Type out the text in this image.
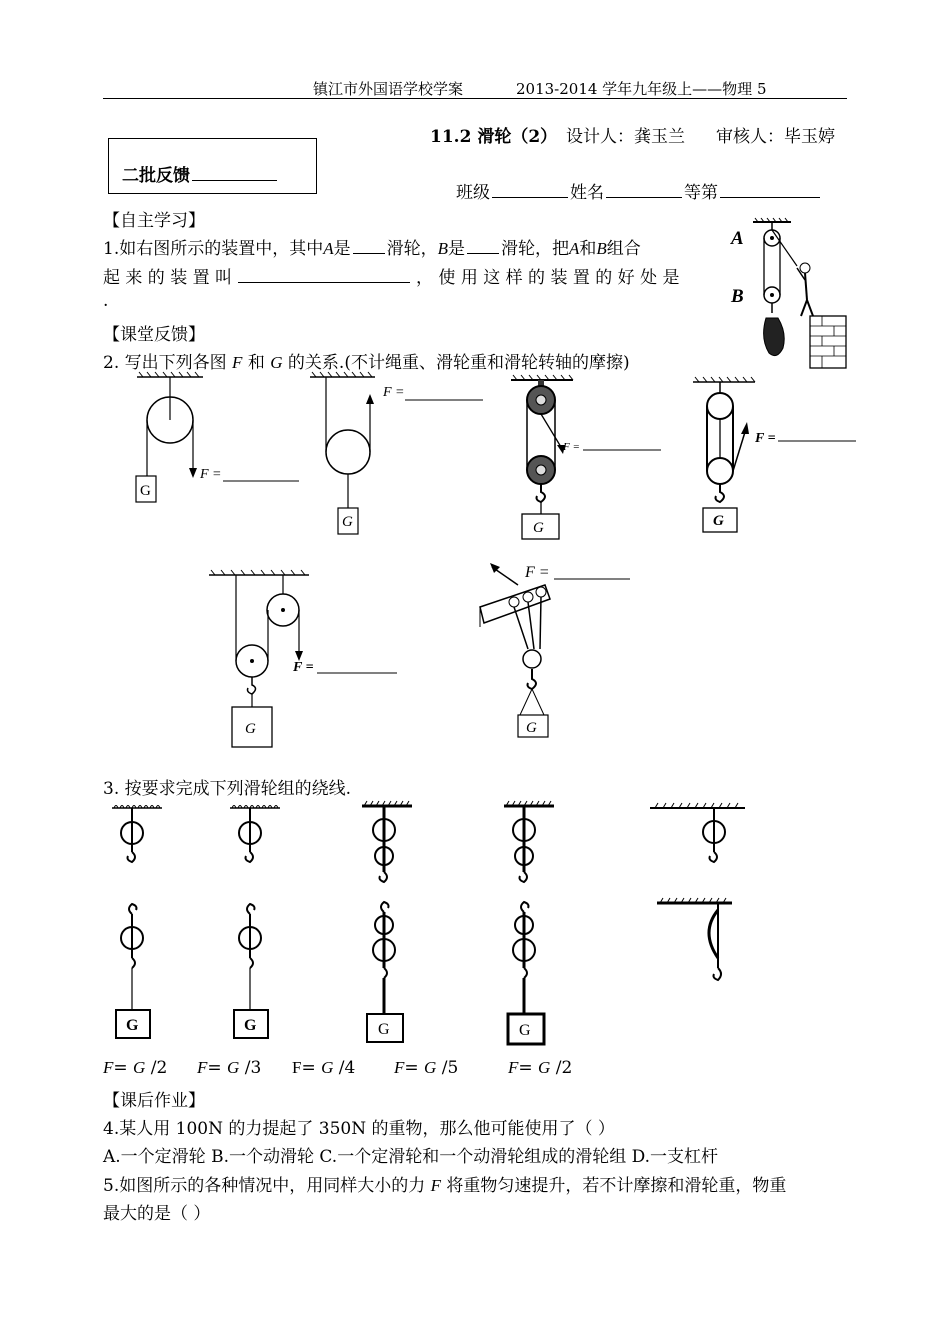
镇江市外国语学校学案	2013-2014 学年九年级上——物理 5
11.2 滑轮（2） 设计人：龚玉兰 审核人：毕玉婷
二批反馈
班级	姓名	等第
【自主学习】
1.如右图所示的装置中，其中A是 滑轮，B是 滑轮，把A和B组合
起 来 的 装 置 叫	， 使 用 这 样 的 装 置 的 好 处 是
.
A
B
【课堂反馈】
2. 写出下列各图 F 和 G 的关系.(不计绳重、滑轮重和滑轮转轴的摩擦)
G
F =
G
F =
G
F =
G
F =
G
F =
F =
G
3. 按要求完成下列滑轮组的绕线.
G	G	G	G
F= G /2 F= G /3 F= G /4 F= G /5	F= G /2
【课后作业】
4.某人用 100N 的力提起了 350N 的重物，那么他可能使用了（ ）
A.一个定滑轮 B.一个动滑轮 C.一个定滑轮和一个动滑轮组成的滑轮组 D.一支杠杆
5.如图所示的各种情况中，用同样大小的力 F 将重物匀速提升，若不计摩擦和滑轮重，物重
最大的是（ ）
